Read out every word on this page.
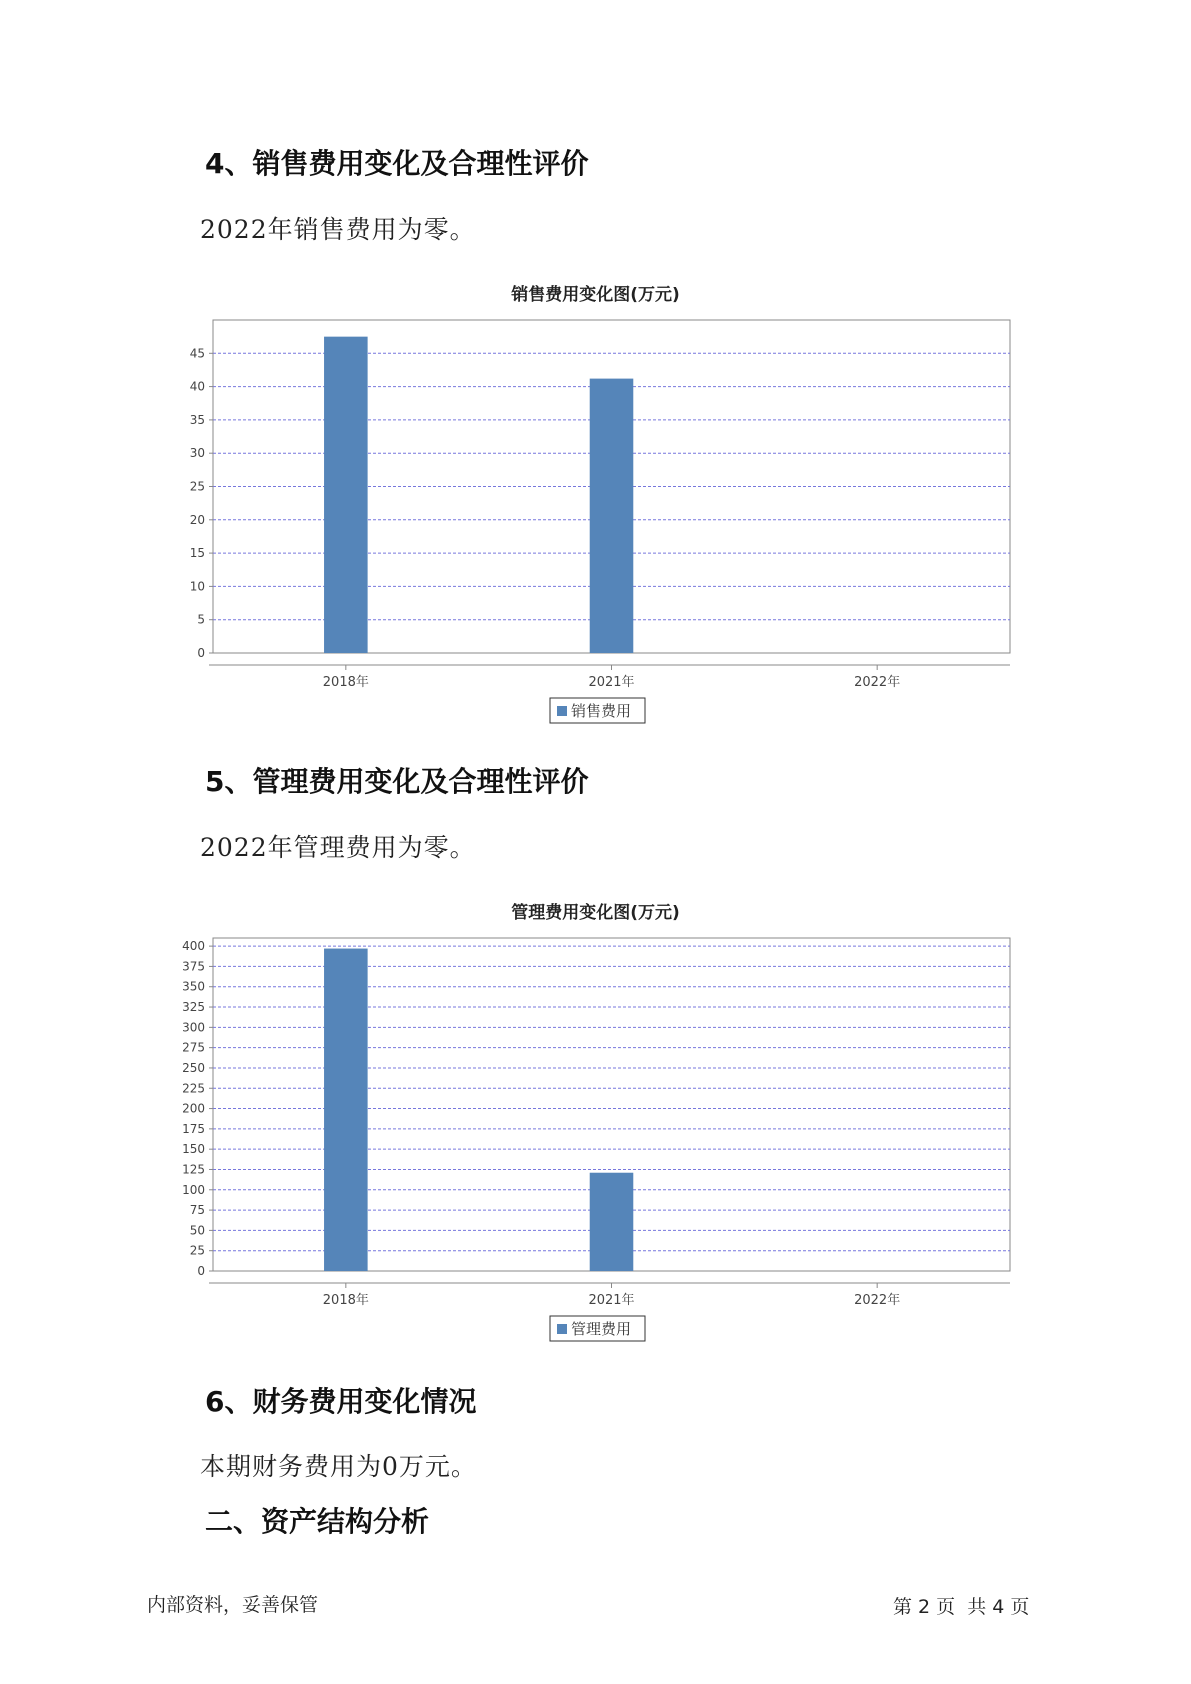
4、销售费用变化及合理性评价
2022年销售费用为零。
销售费用变化图(万元)
0
5
10
15
20
25
30
35
40
45
2018年	2021年	2022年
销售费用
5、管理费用变化及合理性评价
2022年管理费用为零。
管理费用变化图(万元)
0
25
50
75
100
125
150
175
200
225
250
275
300
325
350
375
400
2018年	2021年	2022年
管理费用
6、财务费用变化情况
本期财务费用为0万元。
二、资产结构分析
内部资料，妥善保管	第 2 页  共 4 页
